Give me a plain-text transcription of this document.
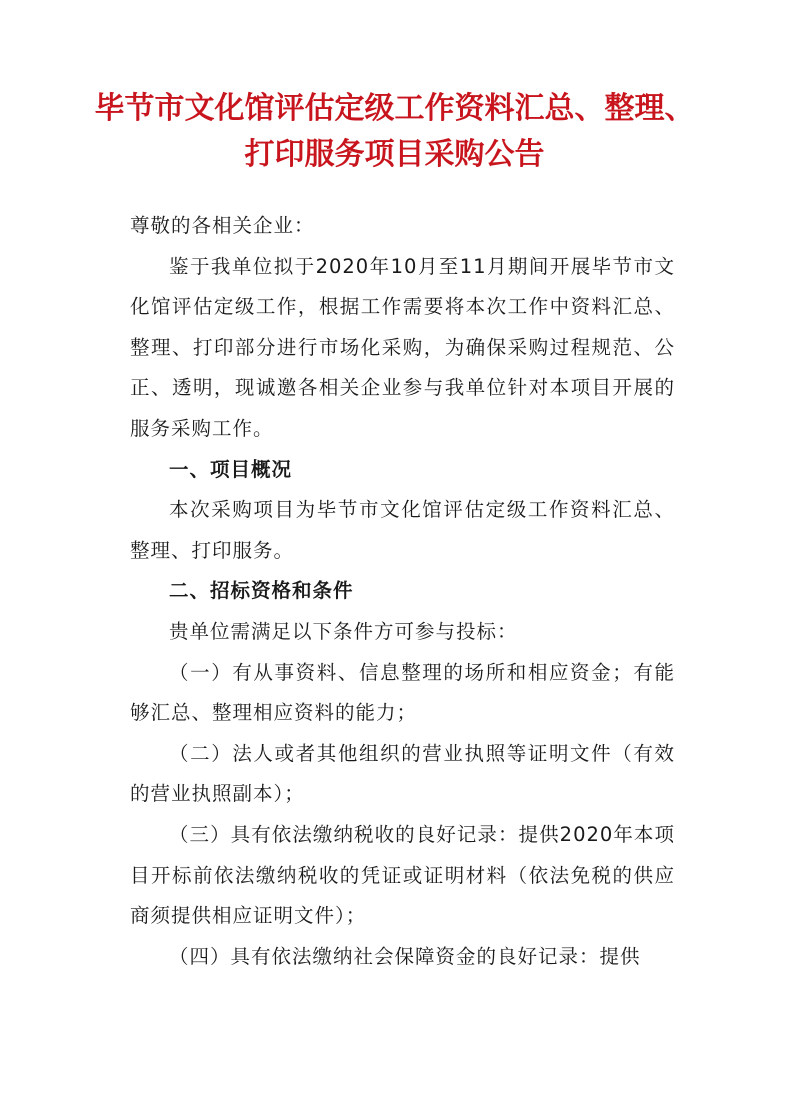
毕节市文化馆评估定级工作资料汇总、整理、
打印服务项目采购公告

尊敬的各相关企业：

鉴于我单位拟于2020年10月至11月期间开展毕节市文化馆评估定级工作，根据工作需要将本次工作中资料汇总、整理、打印部分进行市场化采购，为确保采购过程规范、公正、透明，现诚邀各相关企业参与我单位针对本项目开展的服务采购工作。

一、项目概况

本次采购项目为毕节市文化馆评估定级工作资料汇总、整理、打印服务。

二、招标资格和条件

贵单位需满足以下条件方可参与投标：

（一）有从事资料、信息整理的场所和相应资金；有能够汇总、整理相应资料的能力；

（二）法人或者其他组织的营业执照等证明文件（有效的营业执照副本）；

（三）具有依法缴纳税收的良好记录：提供2020年本项目开标前依法缴纳税收的凭证或证明材料（依法免税的供应商须提供相应证明文件）；

（四）具有依法缴纳社会保障资金的良好记录：提供
